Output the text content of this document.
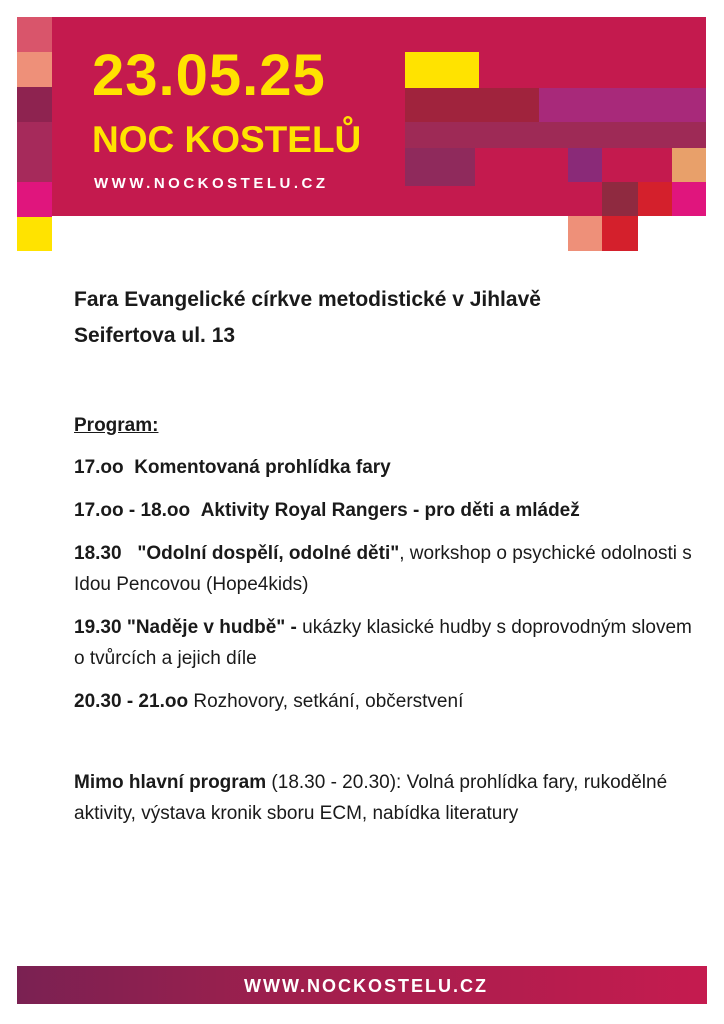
23.05.25
NOC KOSTELŮ
WWW.NOCKOSTELU.CZ

Fara Evangelické církve metodistické v Jihlavě

Seifertova ul. 13

Program:

17.oo Komentovaná prohlídka fary

17.oo - 18.oo Aktivity Royal Rangers - pro děti a mládež

18.30 "Odolní dospělí, odolné děti", workshop o psychické odolnosti s Idou Pencovou (Hope4kids)

19.30 "Naděje v hudbě" - ukázky klasické hudby s doprovodným slovem o tvůrcích a jejich díle

20.30 - 21.oo Rozhovory, setkání, občerstvení

Mimo hlavní program (18.30 - 20.30): Volná prohlídka fary, rukodělné aktivity, výstava kronik sboru ECM, nabídka literatury

WWW.NOCKOSTELU.CZ
